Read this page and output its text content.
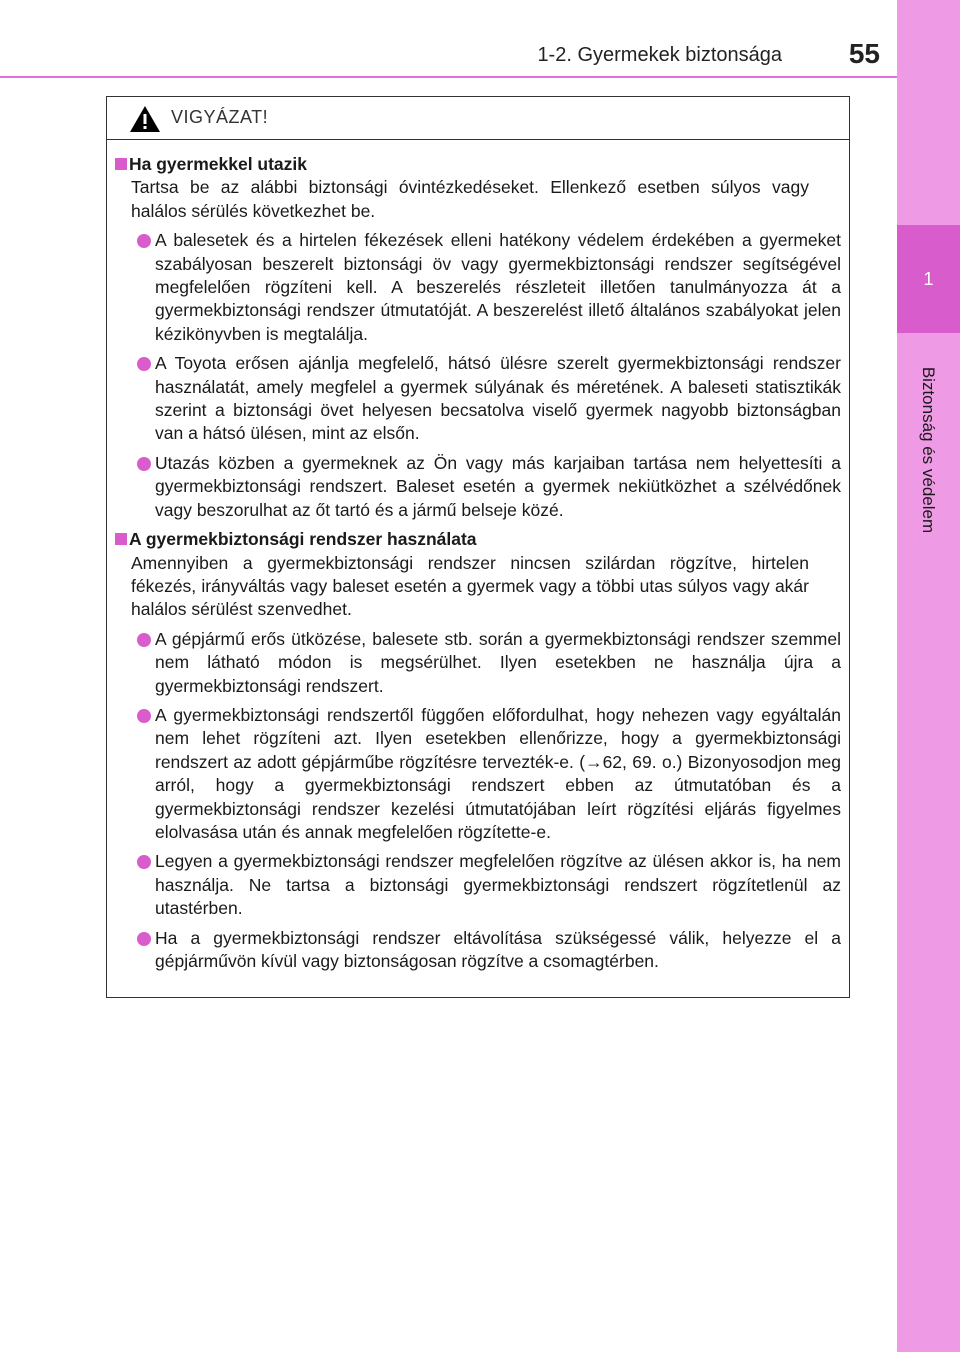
1-2. Gyermekek biztonsága 55
1
Biztonság és védelem
VIGYÁZAT!
Ha gyermekkel utazik
Tartsa be az alábbi biztonsági óvintézkedéseket. Ellenkező esetben súlyos vagy halálos sérülés következhet be.
A balesetek és a hirtelen fékezések elleni hatékony védelem érdekében a gyermeket szabályosan beszerelt biztonsági öv vagy gyermekbiztonsági rendszer segítségével megfelelően rögzíteni kell. A beszerelés részleteit illetően tanulmányozza át a gyermekbiztonsági rendszer útmutatóját. A beszerelést illető általános szabályokat jelen kézikönyvben is megtalálja.
A Toyota erősen ajánlja megfelelő, hátsó ülésre szerelt gyermekbiztonsági rendszer használatát, amely megfelel a gyermek súlyának és méretének. A baleseti statisztikák szerint a biztonsági övet helyesen becsatolva viselő gyermek nagyobb biztonságban van a hátsó ülésen, mint az elsőn.
Utazás közben a gyermeknek az Ön vagy más karjaiban tartása nem helyettesíti a gyermekbiztonsági rendszert. Baleset esetén a gyermek nekiütközhet a szélvédőnek vagy beszorulhat az őt tartó és a jármű belseje közé.
A gyermekbiztonsági rendszer használata
Amennyiben a gyermekbiztonsági rendszer nincsen szilárdan rögzítve, hirtelen fékezés, irányváltás vagy baleset esetén a gyermek vagy a többi utas súlyos vagy akár halálos sérülést szenvedhet.
A gépjármű erős ütközése, balesete stb. során a gyermekbiztonsági rendszer szemmel nem látható módon is megsérülhet. Ilyen esetekben ne használja újra a gyermekbiztonsági rendszert.
A gyermekbiztonsági rendszertől függően előfordulhat, hogy nehezen vagy egyáltalán nem lehet rögzíteni azt. Ilyen esetekben ellenőrizze, hogy a gyermekbiztonsági rendszert az adott gépjárműbe rögzítésre tervezték-e. (→62, 69. o.) Bizonyosodjon meg arról, hogy a gyermekbiztonsági rendszert ebben az útmutatóban és a gyermekbiztonsági rendszer kezelési útmutatójában leírt rögzítési eljárás figyelmes elolvasása után és annak megfelelően rögzítette-e.
Legyen a gyermekbiztonsági rendszer megfelelően rögzítve az ülésen akkor is, ha nem használja. Ne tartsa a biztonsági gyermekbiztonsági rendszert rögzítetlenül az utastérben.
Ha a gyermekbiztonsági rendszer eltávolítása szükségessé válik, helyezze el a gépjárművön kívül vagy biztonságosan rögzítve a csomagtérben.
